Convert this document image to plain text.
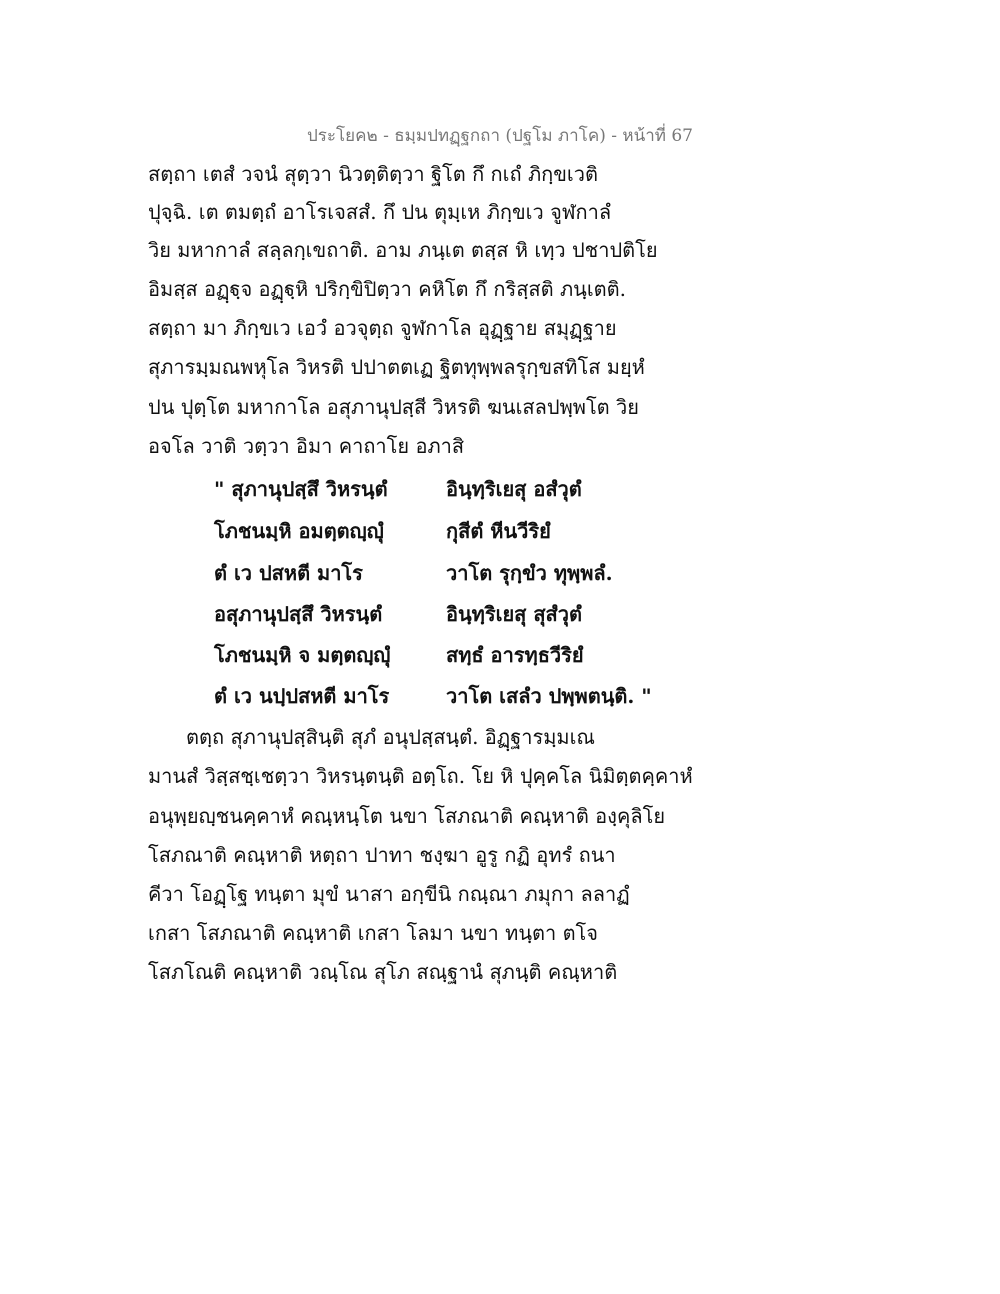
ประโยค๒ - ธมฺมปทฏฺฐกถา (ปฐโม ภาโค) - หน้าที่ 67
สตฺถา เตสํ วจนํ สุตฺวา นิวตฺติตฺวา ฐิโต กึ กเถํ ภิกฺขเวติ
ปุจฺฉิ. เต ตมตฺถํ อาโรเจสสํ. กึ ปน ตุมฺเห ภิกฺขเว จูฬกาลํ
วิย มหากาลํ สลฺลกฺเขถาติ. อาม ภนฺเต ตสฺส หิ เทฺว ปชาปติโย
อิมสฺส อฏฺฐฺจ อฏฺฐฺหิ ปริกฺขิปิตฺวา คหิโต กึ กริสฺสติ ภนฺเตติ.
สตฺถา มา ภิกฺขเว เอวํ อวจุตฺถ จูฬกาโล อุฏฺฐาย สมุฏฺฐาย
สุภารมฺมณพหุโล วิหรติ ปปาตตเฏ ฐิตทุพฺพลรุกฺขสทิโส มยฺหํ
ปน ปุตฺโต มหากาโล อสุภานุปสฺสี วิหรติ ฆนเสลปพฺพโต วิย
อจโล วาติ วตฺวา อิมา คาถาโย อภาสิ
" สุภานุปสฺสึ วิหรนฺตํ	อินฺทฺริเยสุ อสํวุตํ
โภชนมฺหิ อมตฺตญฺญุํ	กุสีตํ หีนวีริยํ
ตํ เว ปสหตี มาโร	วาโต รุกฺขํว ทุพฺพลํ.
อสุภานุปสฺสึ วิหรนฺตํ	อินฺทฺริเยสุ สุสํวุตํ
โภชนมฺหิ จ มตฺตญฺญุํ	สทฺธํ อารทฺธวีริยํ
ตํ เว นปฺปสหตี มาโร	วาโต เสลํว ปพฺพตนฺติ. "
ตตฺถ สุภานุปสฺสินฺติ สุภํ อนุปสฺสนฺตํ. อิฏฺฐารมฺมเณ
มานสํ วิสฺสชฺเชตฺวา วิหรนฺตนฺติ อตฺโถ. โย หิ ปุคฺคโล นิมิตฺตคฺคาหํ
อนุพฺยญฺชนคฺคาหํ คณฺหนฺโต นขา โสภณาติ คณฺหาติ องฺคุลิโย
โสภณาติ คณฺหาติ หตฺถา ปาทา ชงฺฆา อูรู กฏิ อุทรํ ถนา
คีวา โอฏฺโฐ ทนฺตา มุขํ นาสา อกฺขีนิ กณฺณา ภมุกา ลลาฏํ
เกสา โสภณาติ คณฺหาติ เกสา โลมา นขา ทนฺตา ตโจ
โสภโณติ คณฺหาติ วณฺโณ สุโภ สณฺฐานํ สุภนฺติ คณฺหาติ
